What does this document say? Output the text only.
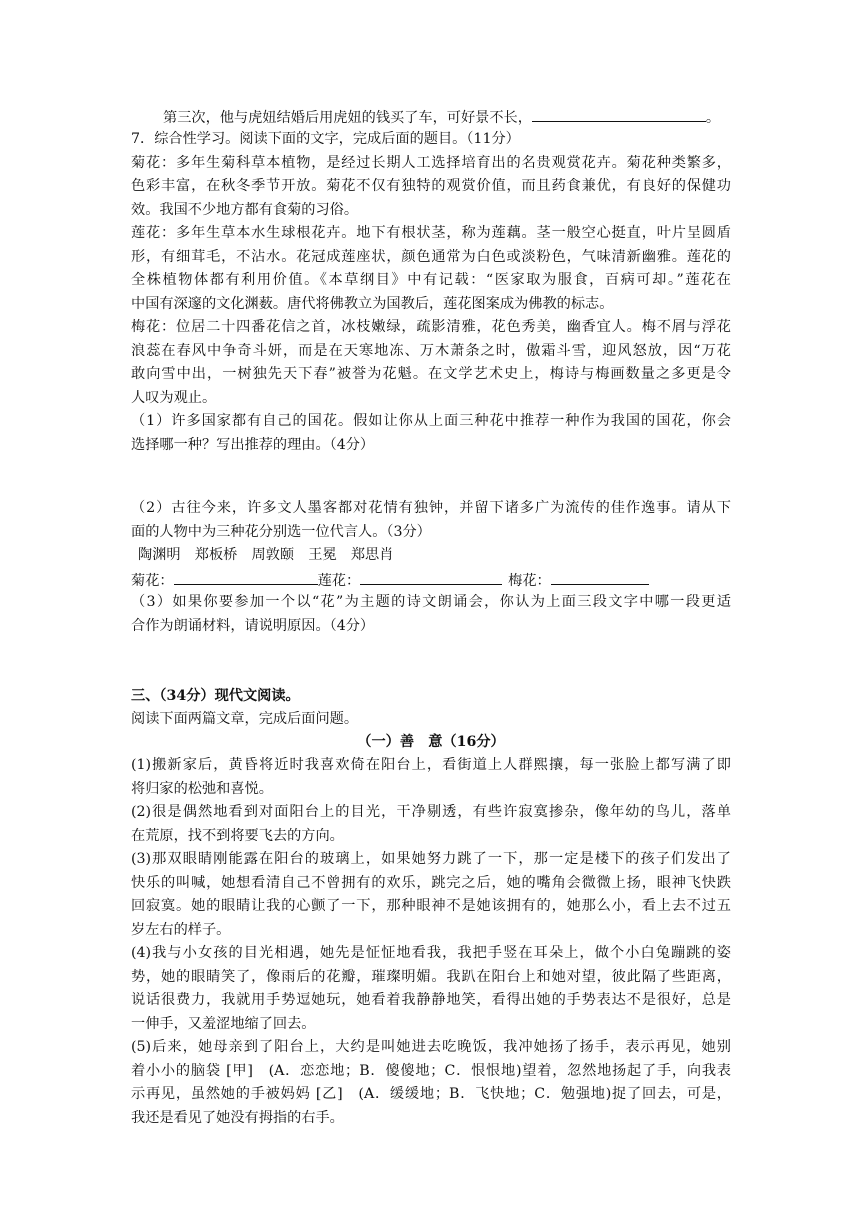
第三次，他与虎妞结婚后用虎妞的钱买了车，可好景不长，	。
7．综合性学习。阅读下面的文字，完成后面的题目。（11分）
菊花：多年生菊科草本植物，是经过长期人工选择培育出的名贵观赏花卉。菊花种类繁多，
色彩丰富，在秋冬季节开放。菊花不仅有独特的观赏价值，而且药食兼优，有良好的保健功
效。我国不少地方都有食菊的习俗。
莲花：多年生草本水生球根花卉。地下有根状茎，称为莲藕。茎一般空心挺直，叶片呈圆盾
形，有细茸毛，不沾水。花冠成莲座状，颜色通常为白色或淡粉色，气味清新幽雅。莲花的
全株植物体都有利用价值。《本草纲目》中有记载：“医家取为服食，百病可却。”莲花在
中国有深邃的文化渊薮。唐代将佛教立为国教后，莲花图案成为佛教的标志。
梅花：位居二十四番花信之首，冰枝嫩绿，疏影清雅，花色秀美，幽香宜人。梅不屑与浮花
浪蕊在春风中争奇斗妍，而是在天寒地冻、万木萧条之时，傲霜斗雪，迎风怒放，因“万花
敢向雪中出，一树独先天下春”被誉为花魁。在文学艺术史上，梅诗与梅画数量之多更是令
人叹为观止。
（1）许多国家都有自己的国花。假如让你从上面三种花中推荐一种作为我国的国花，你会
选择哪一种？写出推荐的理由。（4分）
（2）古往今来，许多文人墨客都对花情有独钟，并留下诸多广为流传的佳作逸事。请从下
面的人物中为三种花分别选一位代言人。（3分）
陶渊明　郑板桥　周敦颐　王冕　郑思肖
菊花：	莲花：	梅花：
（3）如果你要参加一个以“花”为主题的诗文朗诵会，你认为上面三段文字中哪一段更适
合作为朗诵材料，请说明原因。（4分）
三、（34分）现代文阅读。
阅读下面两篇文章，完成后面问题。
（一）善　意（16分）
(1)搬新家后，黄昏将近时我喜欢倚在阳台上，看街道上人群熙攘，每一张脸上都写满了即
将归家的松弛和喜悦。
(2)很是偶然地看到对面阳台上的目光，干净剔透，有些许寂寞掺杂，像年幼的鸟儿，落单
在荒原，找不到将要飞去的方向。
(3)那双眼睛刚能露在阳台的玻璃上，如果她努力跳了一下，那一定是楼下的孩子们发出了
快乐的叫喊，她想看清自己不曾拥有的欢乐，跳完之后，她的嘴角会微微上扬，眼神飞快跌
回寂寞。她的眼睛让我的心颤了一下，那种眼神不是她该拥有的，她那么小，看上去不过五
岁左右的样子。
(4)我与小女孩的目光相遇，她先是怔怔地看我，我把手竖在耳朵上，做个小白兔蹦跳的姿
势，她的眼睛笑了，像雨后的花瓣，璀璨明媚。我趴在阳台上和她对望，彼此隔了些距离，
说话很费力，我就用手势逗她玩，她看着我静静地笑，看得出她的手势表达不是很好，总是
一伸手，又羞涩地缩了回去。
(5)后来，她母亲到了阳台上，大约是叫她进去吃晚饭，我冲她扬了扬手，表示再见，她别
着小小的脑袋 [甲]　(A．恋恋地；B．傻傻地；C．恨恨地)望着，忽然地扬起了手，向我表
示再见，虽然她的手被妈妈 [乙]　(A．缓缓地；B．飞快地；C．勉强地)捉了回去，可是，
我还是看见了她没有拇指的右手。
